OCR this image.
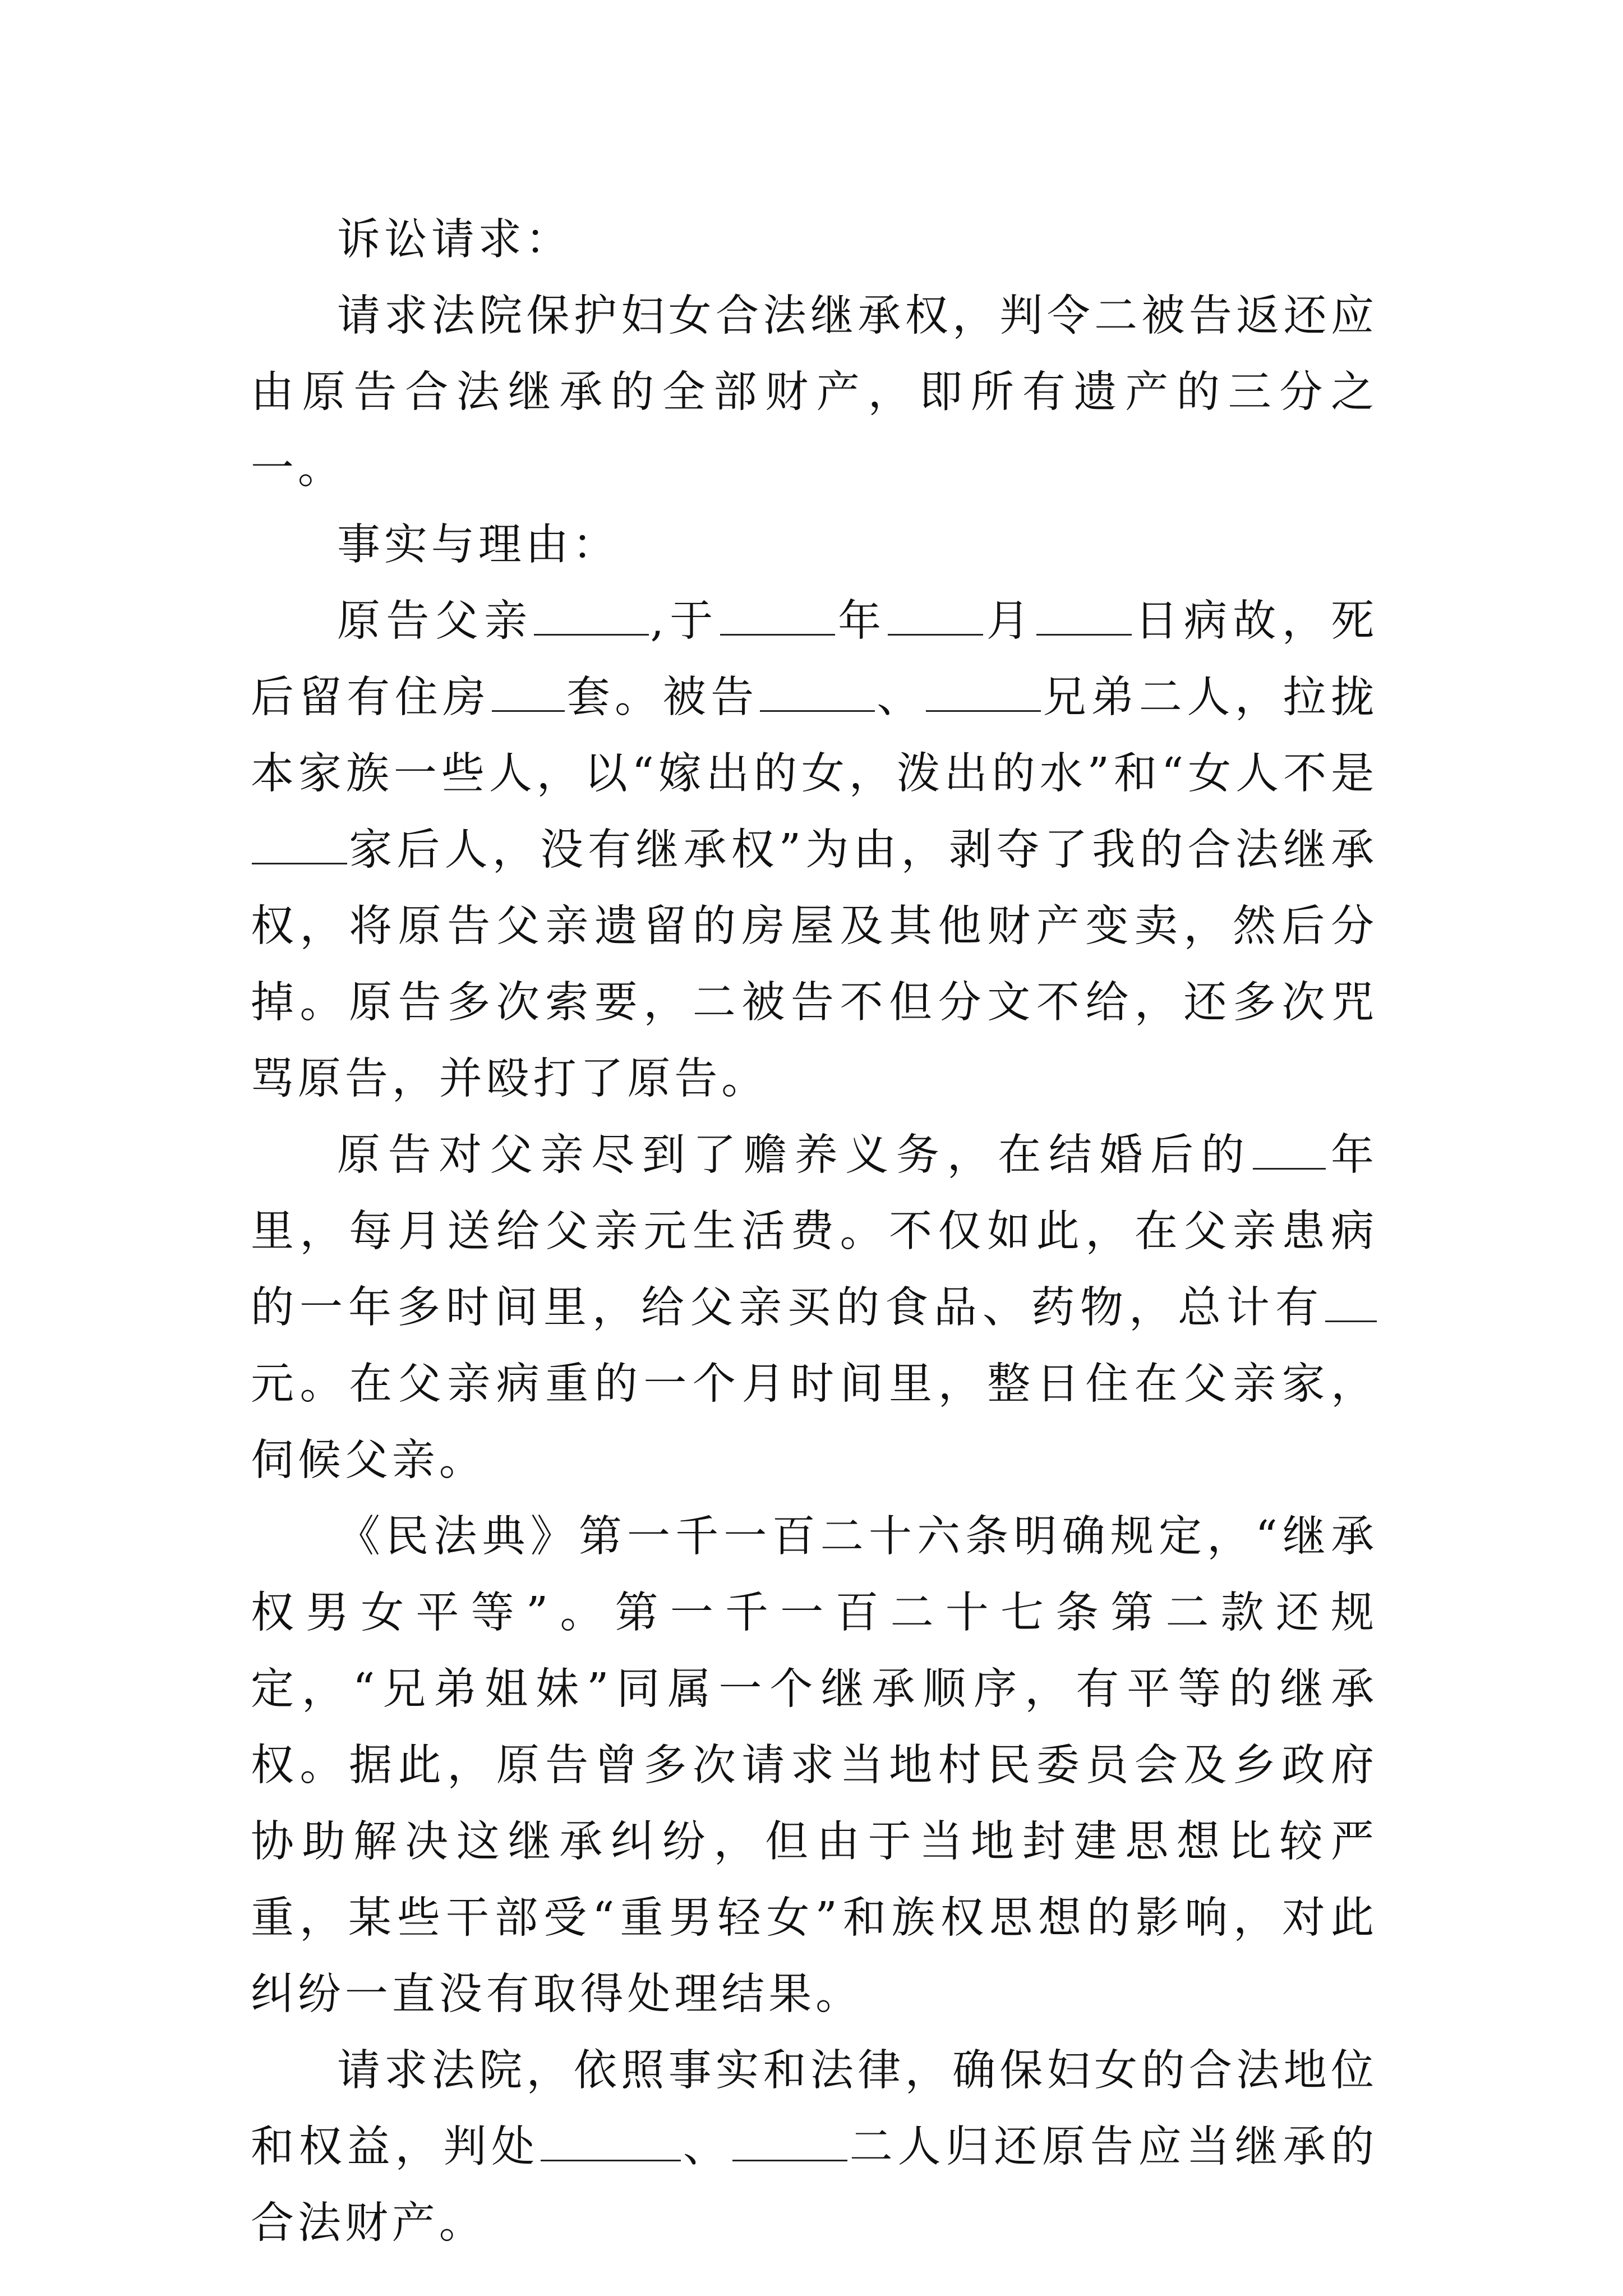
诉讼请求：

请求法院保护妇女合法继承权，判令二被告返还应由原告合法继承的全部财产，即所有遗产的三分之一。

事实与理由：

原告父亲	,于	年 月 日病故，死后留有住房 套。被告	、	兄弟二人，拉拢本家族一些人，以“嫁出的女，泼出的水”和“女人不是家后人，没有继承权”为由，剥夺了我的合法继承权，将原告父亲遗留的房屋及其他财产变卖，然后分掉。原告多次索要，二被告不但分文不给，还多次咒骂原告，并殴打了原告。

原告对父亲尽到了赡养义务，在结婚后的 年里，每月送给父亲元生活费。不仅如此，在父亲患病的一年多时间里，给父亲买的食品、药物，总计有元。在父亲病重的一个月时间里，整日住在父亲家，伺候父亲。

《民法典》第一千一百二十六条明确规定，“继承权男女平等”。第一千一百二十七条第二款还规定，“兄弟姐妹”同属一个继承顺序，有平等的继承权。据此，原告曾多次请求当地村民委员会及乡政府协助解决这继承纠纷，但由于当地封建思想比较严重，某些干部受“重男轻女”和族权思想的影响，对此纠纷一直没有取得处理结果。

请求法院，依照事实和法律，确保妇女的合法地位和权益，判处	、	二人归还原告应当继承的合法财产。
